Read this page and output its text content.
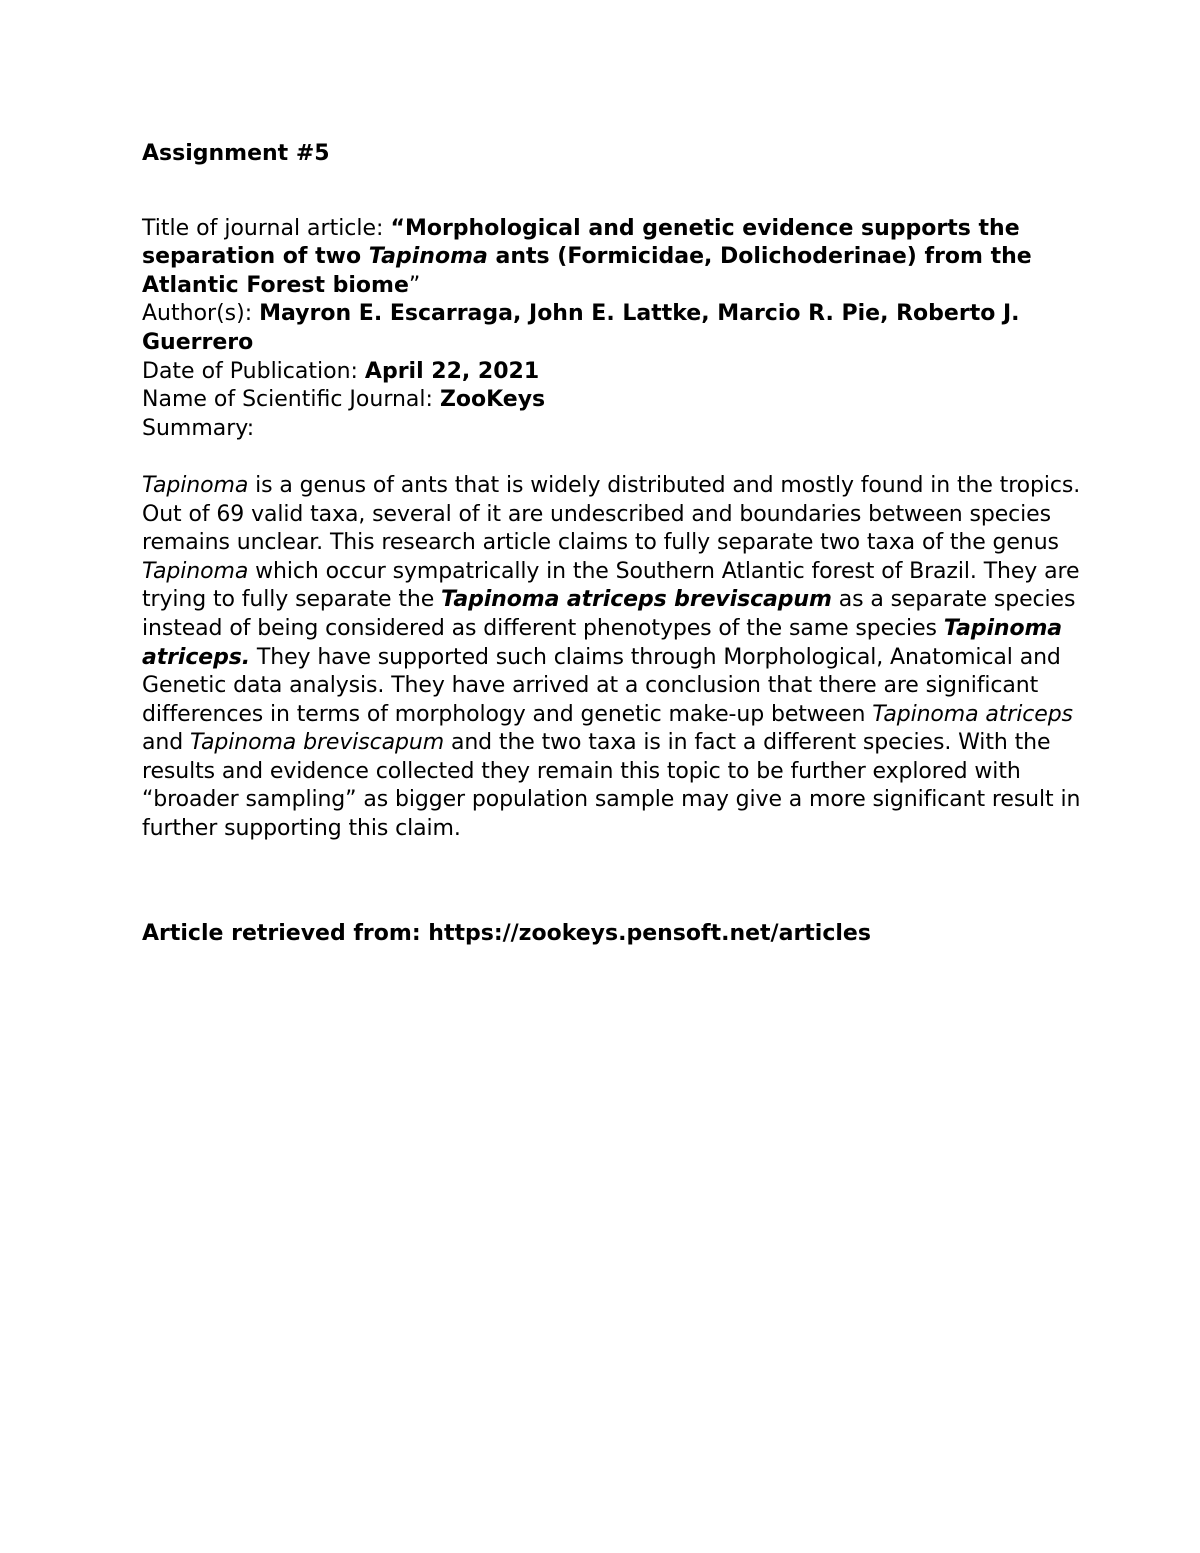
Assignment #5

Title of journal article: “Morphological and genetic evidence supports the separation of two Tapinoma ants (Formicidae, Dolichoderinae) from the Atlantic Forest biome”

Author(s): Mayron E. Escarraga, John E. Lattke, Marcio R. Pie, Roberto J. Guerrero

Date of Publication: April 22, 2021

Name of Scientific Journal: ZooKeys

Summary:

Tapinoma is a genus of ants that is widely distributed and mostly found in the tropics. Out of 69 valid taxa, several of it are undescribed and boundaries between species remains unclear. This research article claims to fully separate two taxa of the genus Tapinoma which occur sympatrically in the Southern Atlantic forest of Brazil. They are trying to fully separate the Tapinoma atriceps breviscapum as a separate species instead of being considered as different phenotypes of the same species Tapinoma atriceps. They have supported such claims through Morphological, Anatomical and Genetic data analysis. They have arrived at a conclusion that there are significant differences in terms of morphology and genetic make-up between Tapinoma atriceps and Tapinoma breviscapum and the two taxa is in fact a different species. With the results and evidence collected they remain this topic to be further explored with “broader sampling” as bigger population sample may give a more significant result in further supporting this claim.

Article retrieved from: https://zookeys.pensoft.net/articles
